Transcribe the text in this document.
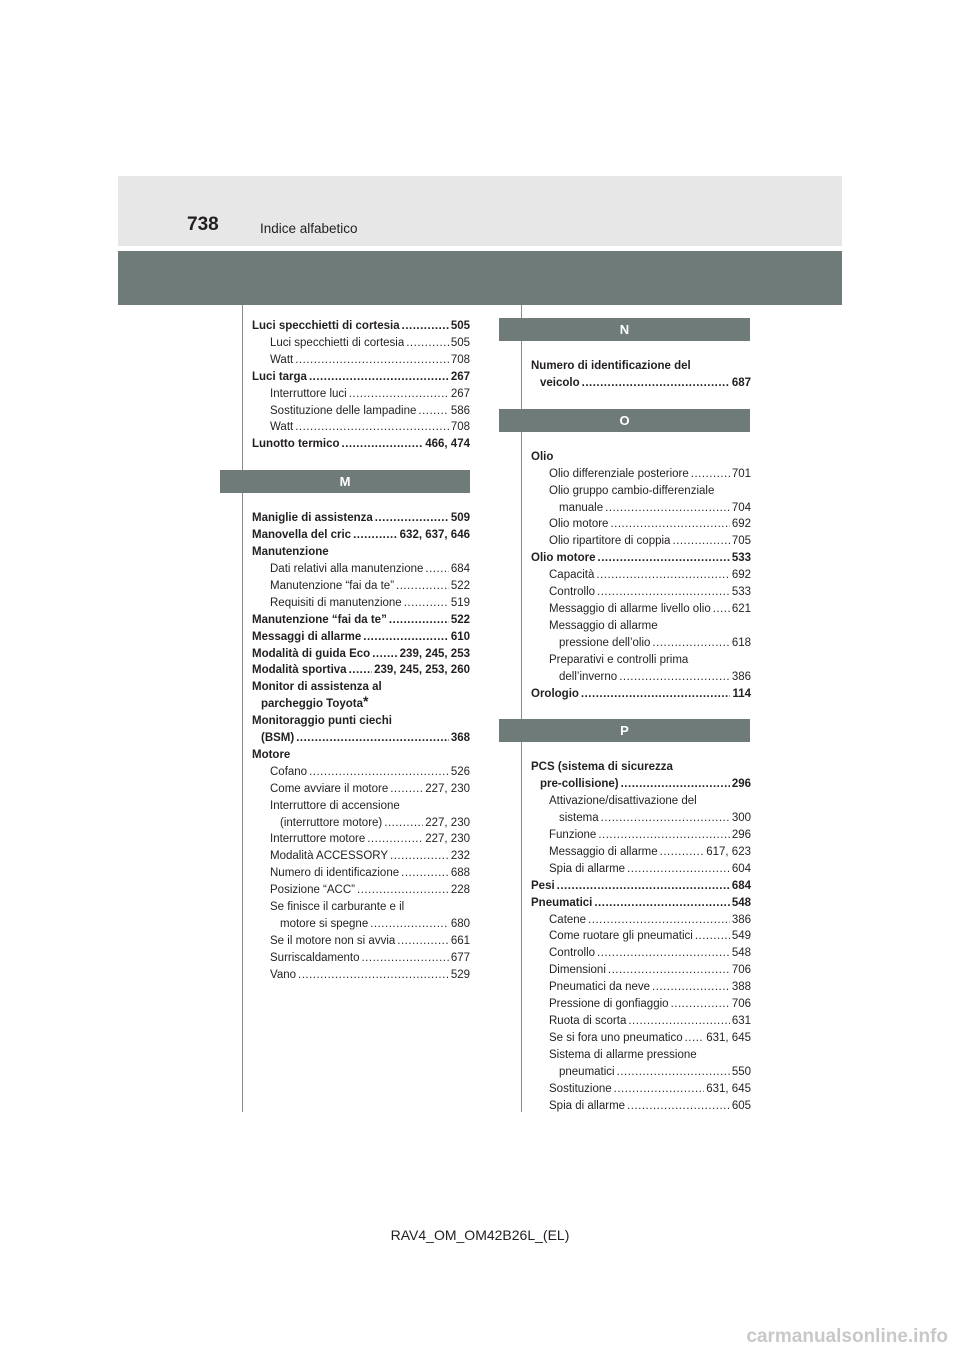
738	Indice alfabetico
Luci specchietti di cortesia .....	505
Luci specchietti di cortesia .....	505
Watt .....	708
Luci targa .....	267
Interruttore luci .....	267
Sostituzione delle lampadine .....	586
Watt .....	708
Lunotto termico .....	466, 474
M
Maniglie di assistenza .....	509
Manovella del cric .....	632, 637, 646
Manutenzione
Dati relativi alla manutenzione ..... 684
Manutenzione “fai da te” .....	522
Requisiti di manutenzione .....	519
Manutenzione “fai da te” .....	522
Messaggi di allarme .....	610
Modalità di guida Eco .....	239, 245, 253
Modalità sportiva ..... 239, 245, 253, 260
Monitor di assistenza al
parcheggio Toyota*
Monitoraggio punti ciechi
(BSM) .....	368
Motore
Cofano .....	526
Come avviare il motore .....	227, 230
Interruttore di accensione
(interruttore motore) .....	227, 230
Interruttore motore .....	227, 230
Modalità ACCESSORY .....	232
Numero di identificazione .....	688
Posizione “ACC” .....	228
Se finisce il carburante e il
motore si spegne .....	680
Se il motore non si avvia .....	661
Surriscaldamento .....	677
Vano .....	529
N
Numero di identificazione del
veicolo .....	687
O
Olio
Olio differenziale posteriore .....	701
Olio gruppo cambio-differenziale
manuale .....	704
Olio motore .....	692
Olio ripartitore di coppia .....	705
Olio motore .....	533
Capacità .....	692
Controllo .....	533
Messaggio di allarme livello olio ..... 621
Messaggio di allarme
pressione dell’olio .....	618
Preparativi e controlli prima
dell’inverno .....	386
Orologio .....	114
P
PCS (sistema di sicurezza
pre-collisione) .....	296
Attivazione/disattivazione del
sistema .....	300
Funzione .....	296
Messaggio di allarme .....	617, 623
Spia di allarme .....	604
Pesi .....	684
Pneumatici .....	548
Catene .....	386
Come ruotare gli pneumatici .....	549
Controllo .....	548
Dimensioni .....	706
Pneumatici da neve .....	388
Pressione di gonfiaggio .....	706
Ruota di scorta .....	631
Se si fora uno pneumatico ..... 631, 645
Sistema di allarme pressione
pneumatici .....	550
Sostituzione .....	631, 645
Spia di allarme .....	605
RAV4_OM_OM42B26L_(EL)
carmanualsonline.info
